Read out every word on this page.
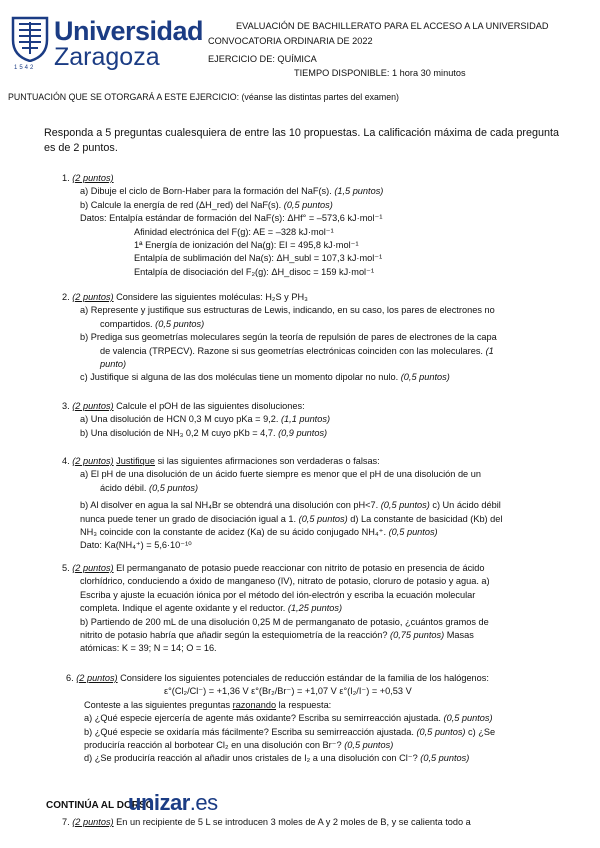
1542
Universidad
Zaragoza
EVALUACIÓN DE BACHILLERATO PARA EL ACCESO A LA UNIVERSIDAD
CONVOCATORIA ORDINARIA DE 2022
EJERCICIO DE: QUÍMICA
TIEMPO DISPONIBLE: 1 hora 30 minutos
PUNTUACIÓN QUE SE OTORGARÁ A ESTE EJERCICIO: (véanse las distintas partes del examen)
Responda a 5 preguntas cualesquiera de entre las 10 propuestas. La calificación máxima de cada pregunta es de 2 puntos.
1. (2 puntos)
a) Dibuje el ciclo de Born-Haber para la formación del NaF(s). (1,5 puntos)
b) Calcule la energía de red (ΔH_red) del NaF(s). (0,5 puntos)
Datos: Entalpía estándar de formación del NaF(s): ΔHf° = –573,6 kJ·mol⁻¹
Afinidad electrónica del F(g): AE = –328 kJ·mol⁻¹
1ª Energía de ionización del Na(g): EI = 495,8 kJ·mol⁻¹
Entalpía de sublimación del Na(s): ΔH_subl = 107,3 kJ·mol⁻¹
Entalpía de disociación del F₂(g): ΔH_disoc = 159 kJ·mol⁻¹
2. (2 puntos) Considere las siguientes moléculas: H₂S y PH₃
a) Represente y justifique sus estructuras de Lewis, indicando, en su caso, los pares de electrones no
compartidos. (0,5 puntos)
b) Prediga sus geometrías moleculares según la teoría de repulsión de pares de electrones de la capa
de valencia (TRPECV). Razone si sus geometrías electrónicas coinciden con las moleculares. (1
punto)
c) Justifique si alguna de las dos moléculas tiene un momento dipolar no nulo. (0,5 puntos)
3. (2 puntos) Calcule el pOH de las siguientes disoluciones:
a) Una disolución de HCN 0,3 M cuyo pKa = 9,2. (1,1 puntos)
b) Una disolución de NH₃ 0,2 M cuyo pKb = 4,7. (0,9 puntos)
4. (2 puntos) Justifique si las siguientes afirmaciones son verdaderas o falsas:
a) El pH de una disolución de un ácido fuerte siempre es menor que el pH de una disolución de un
ácido débil. (0,5 puntos)
b) Al disolver en agua la sal NH₄Br se obtendrá una disolución con pH<7. (0,5 puntos) c) Un ácido débil
nunca puede tener un grado de disociación igual a 1. (0,5 puntos) d) La constante de basicidad (Kb) del
NH₃ coincide con la constante de acidez (Ka) de su ácido conjugado NH₄⁺. (0,5 puntos)
Dato: Ka(NH₄⁺) = 5,6·10⁻¹⁰
5. (2 puntos) El permanganato de potasio puede reaccionar con nitrito de potasio en presencia de ácido
clorhídrico, conduciendo a óxido de manganeso (IV), nitrato de potasio, cloruro de potasio y agua. a)
Escriba y ajuste la ecuación iónica por el método del ión-electrón y escriba la ecuación molecular
completa. Indique el agente oxidante y el reductor. (1,25 puntos)
b) Partiendo de 200 mL de una disolución 0,25 M de permanganato de potasio, ¿cuántos gramos de
nitrito de potasio habría que añadir según la estequiometría de la reacción? (0,75 puntos) Masas
atómicas: K = 39; N = 14; O = 16.
6. (2 puntos) Considere los siguientes potenciales de reducción estándar de la familia de los halógenos:
ε°(Cl₂/Cl⁻) = +1,36 V ε°(Br₂/Br⁻) = +1,07 V ε°(I₂/I⁻) = +0,53 V
Conteste a las siguientes preguntas razonando la respuesta:
a) ¿Qué especie ejercería de agente más oxidante? Escriba su semirreacción ajustada. (0,5 puntos)
b) ¿Qué especie se oxidaría más fácilmente? Escriba su semirreacción ajustada. (0,5 puntos) c) ¿Se
produciría reacción al borbotear Cl₂ en una disolución con Br⁻? (0,5 puntos)
d) ¿Se produciría reacción al añadir unos cristales de I₂ a una disolución con Cl⁻? (0,5 puntos)
CONTINÚA AL DORSO
unizar.es
7. (2 puntos) En un recipiente de 5 L se introducen 3 moles de A y 2 moles de B, y se calienta todo a
